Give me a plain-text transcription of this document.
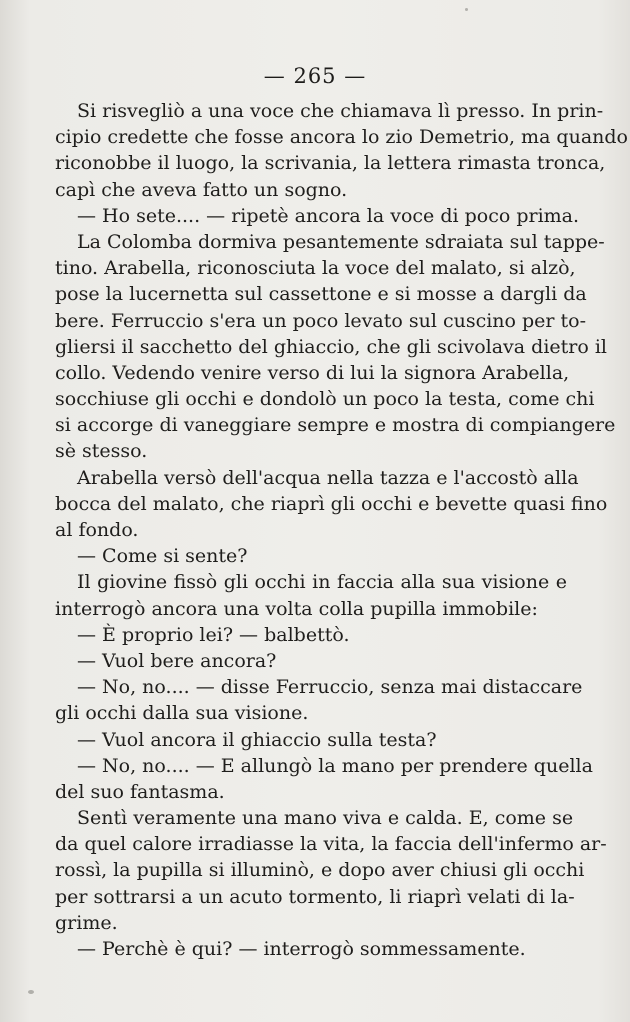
— 265 —
Si risvegliò a una voce che chiamava lì presso. In prin-
cipio credette che fosse ancora lo zio Demetrio, ma quando
riconobbe il luogo, la scrivania, la lettera rimasta tronca,
capì che aveva fatto un sogno.
— Ho sete.... — ripetè ancora la voce di poco prima.
La Colomba dormiva pesantemente sdraiata sul tappe-
tino. Arabella, riconosciuta la voce del malato, si alzò,
pose la lucernetta sul cassettone e si mosse a dargli da
bere. Ferruccio s'era un poco levato sul cuscino per to-
gliersi il sacchetto del ghiaccio, che gli scivolava dietro il
collo. Vedendo venire verso di lui la signora Arabella,
socchiuse gli occhi e dondolò un poco la testa, come chi
si accorge di vaneggiare sempre e mostra di compiangere
sè stesso.
Arabella versò dell'acqua nella tazza e l'accostò alla
bocca del malato, che riaprì gli occhi e bevette quasi fino
al fondo.
— Come si sente?
Il giovine fissò gli occhi in faccia alla sua visione e
interrogò ancora una volta colla pupilla immobile:
— È proprio lei? — balbettò.
— Vuol bere ancora?
— No, no.... — disse Ferruccio, senza mai distaccare
gli occhi dalla sua visione.
— Vuol ancora il ghiaccio sulla testa?
— No, no.... — E allungò la mano per prendere quella
del suo fantasma.
Sentì veramente una mano viva e calda. E, come se
da quel calore irradiasse la vita, la faccia dell'infermo ar-
rossì, la pupilla si illuminò, e dopo aver chiusi gli occhi
per sottrarsi a un acuto tormento, li riaprì velati di la-
grime.
— Perchè è qui? — interrogò sommessamente.
